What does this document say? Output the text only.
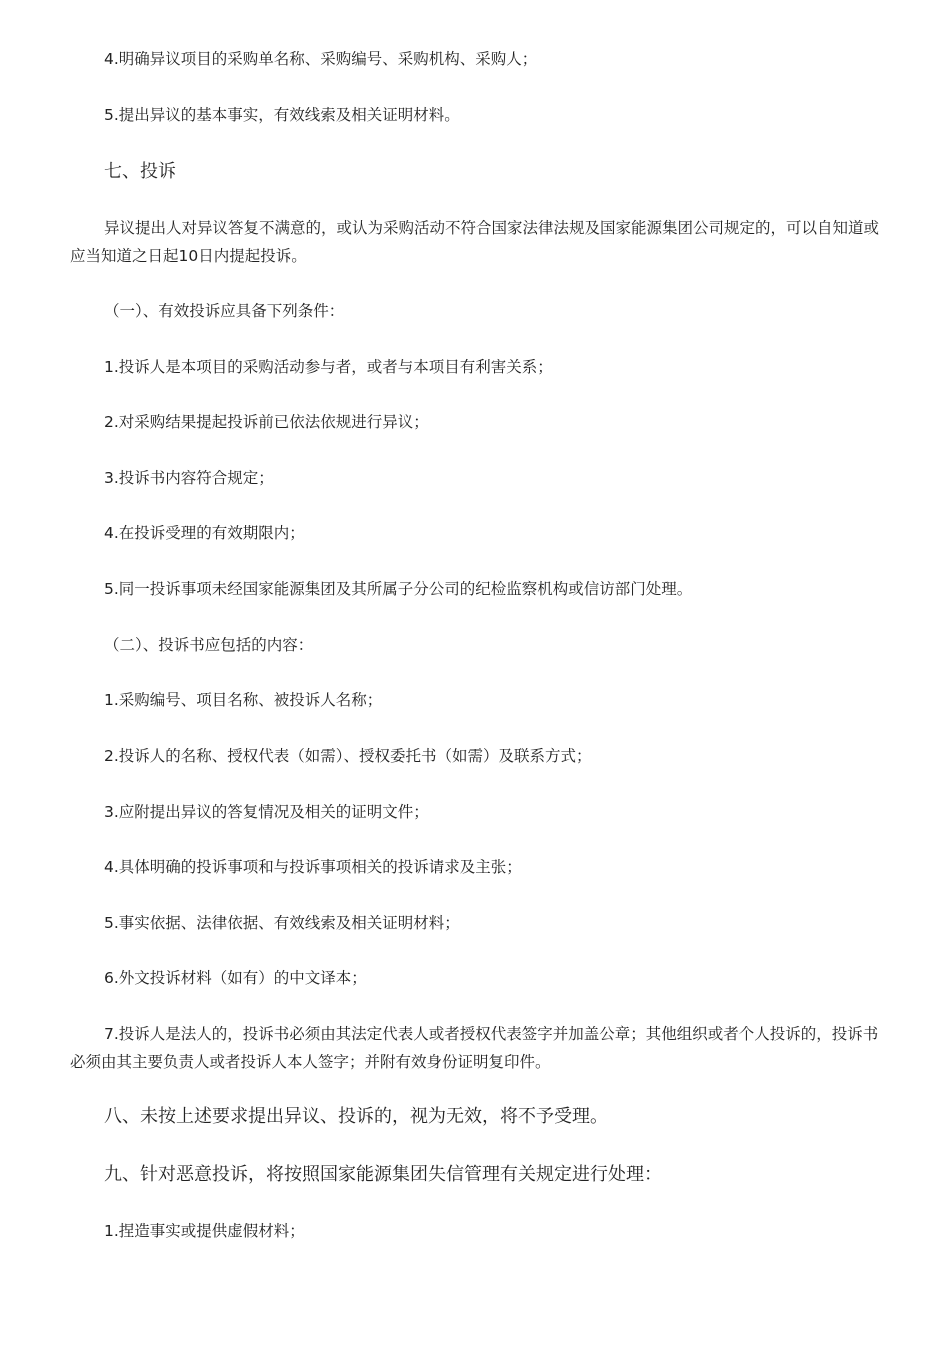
4.明确异议项目的采购单名称、采购编号、采购机构、采购人；
5.提出异议的基本事实，有效线索及相关证明材料。
七、投诉
异议提出人对异议答复不满意的，或认为采购活动不符合国家法律法规及国家能源集团公司规定的，可以自知道或应当知道之日起10日内提起投诉。
（一）、有效投诉应具备下列条件：
1.投诉人是本项目的采购活动参与者，或者与本项目有利害关系；
2.对采购结果提起投诉前已依法依规进行异议；
3.投诉书内容符合规定；
4.在投诉受理的有效期限内；
5.同一投诉事项未经国家能源集团及其所属子分公司的纪检监察机构或信访部门处理。
（二）、投诉书应包括的内容：
1.采购编号、项目名称、被投诉人名称；
2.投诉人的名称、授权代表（如需）、授权委托书（如需）及联系方式；
3.应附提出异议的答复情况及相关的证明文件；
4.具体明确的投诉事项和与投诉事项相关的投诉请求及主张；
5.事实依据、法律依据、有效线索及相关证明材料；
6.外文投诉材料（如有）的中文译本；
7.投诉人是法人的，投诉书必须由其法定代表人或者授权代表签字并加盖公章；其他组织或者个人投诉的，投诉书必须由其主要负责人或者投诉人本人签字；并附有效身份证明复印件。
八、未按上述要求提出异议、投诉的，视为无效，将不予受理。
九、针对恶意投诉，将按照国家能源集团失信管理有关规定进行处理：
1.捏造事实或提供虚假材料；
